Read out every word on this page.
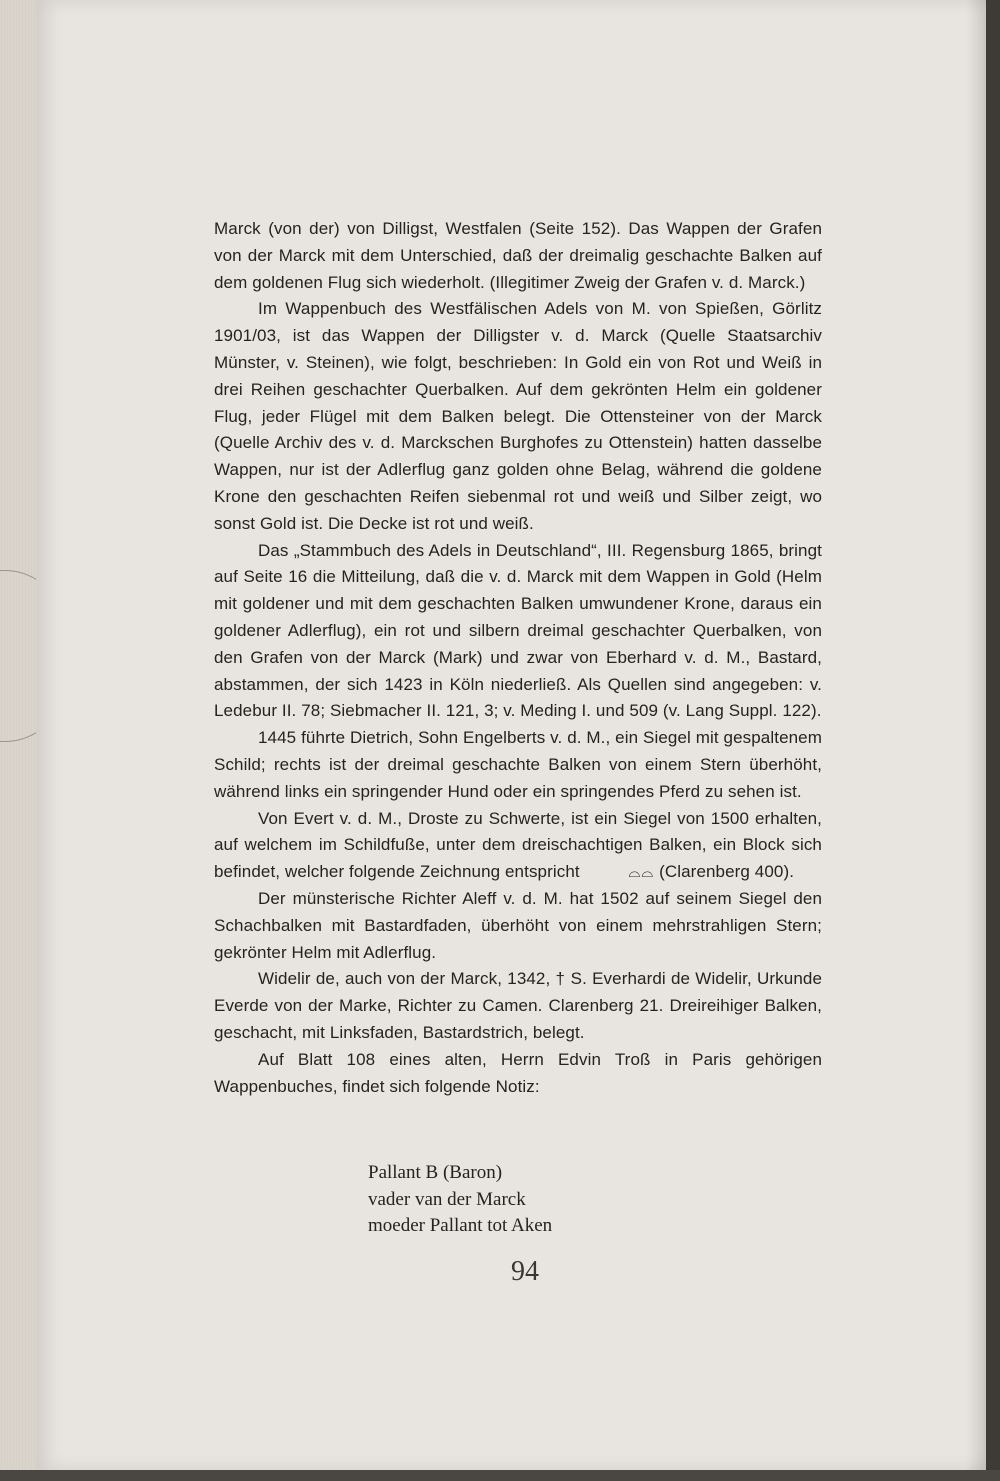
Marck (von der) von Dilligst, Westfalen (Seite 152). Das Wappen der Grafen von der Marck mit dem Unterschied, daß der dreimalig geschachte Balken auf dem goldenen Flug sich wiederholt. (Illegitimer Zweig der Grafen v. d. Marck.)

Im Wappenbuch des Westfälischen Adels von M. von Spießen, Görlitz 1901/03, ist das Wappen der Dilligster v. d. Marck (Quelle Staatsarchiv Münster, v. Steinen), wie folgt, beschrieben: In Gold ein von Rot und Weiß in drei Reihen geschachter Querbalken. Auf dem gekrönten Helm ein goldener Flug, jeder Flügel mit dem Balken belegt. Die Ottensteiner von der Marck (Quelle Archiv des v. d. Marckschen Burghofes zu Ottenstein) hatten dasselbe Wappen, nur ist der Adlerflug ganz golden ohne Belag, während die goldene Krone den geschachten Reifen siebenmal rot und weiß und Silber zeigt, wo sonst Gold ist. Die Decke ist rot und weiß.

Das „Stammbuch des Adels in Deutschland“, III. Regensburg 1865, bringt auf Seite 16 die Mitteilung, daß die v. d. Marck mit dem Wappen in Gold (Helm mit goldener und mit dem geschachten Balken umwundener Krone, daraus ein goldener Adlerflug), ein rot und silbern dreimal geschachter Querbalken, von den Grafen von der Marck (Mark) und zwar von Eberhard v. d. M., Bastard, abstammen, der sich 1423 in Köln niederließ. Als Quellen sind angegeben: v. Ledebur II. 78; Siebmacher II. 121, 3; v. Meding I. und 509 (v. Lang Suppl. 122).

1445 führte Dietrich, Sohn Engelberts v. d. M., ein Siegel mit gespaltenem Schild; rechts ist der dreimal geschachte Balken von einem Stern überhöht, während links ein springender Hund oder ein springendes Pferd zu sehen ist.

Von Evert v. d. M., Droste zu Schwerte, ist ein Siegel von 1500 erhalten, auf welchem im Schildfuße, unter dem dreischachtigen Balken, ein Block sich befindet, welcher folgende Zeichnung entspricht	⌓⌓ (Clarenberg 400).

Der münsterische Richter Aleff v. d. M. hat 1502 auf seinem Siegel den Schachbalken mit Bastardfaden, überhöht von einem mehrstrahligen Stern; gekrönter Helm mit Adlerflug.

Widelir de, auch von der Marck, 1342, † S. Everhardi de Widelir, Urkunde Everde von der Marke, Richter zu Camen. Clarenberg 21. Dreireihiger Balken, geschacht, mit Linksfaden, Bastardstrich, belegt.

Auf Blatt 108 eines alten, Herrn Edvin Troß in Paris gehörigen Wappenbuches, findet sich folgende Notiz:

Pallant B (Baron)
vader van der Marck
moeder Pallant tot Aken
94
